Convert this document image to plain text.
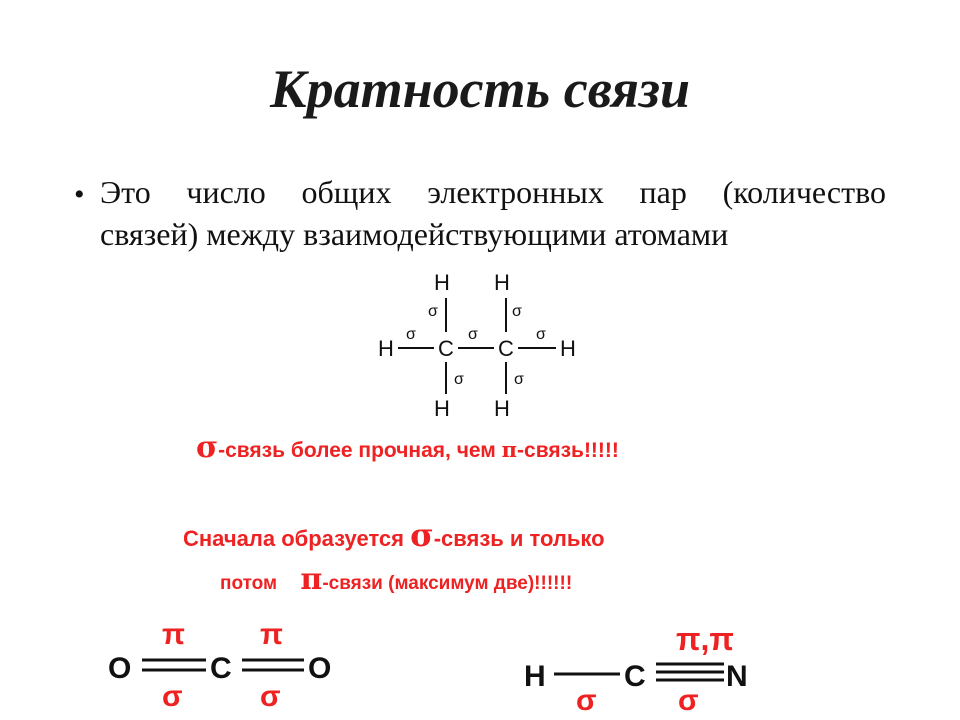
Кратность связи
• Это число общих электронных пар (количество
связей) между взаимодействующими атомами
H H
H C C H
H H
σ	σ
σ	σ	σ
σ	σ
σ-связь более прочная, чем π-связь!!!!!
Сначала образуется σ-связь и только
потом π-связи (максимум две)!!!!!!
O	C	O
π	π
σ	σ
H	C	N
π,π
σ	σ
